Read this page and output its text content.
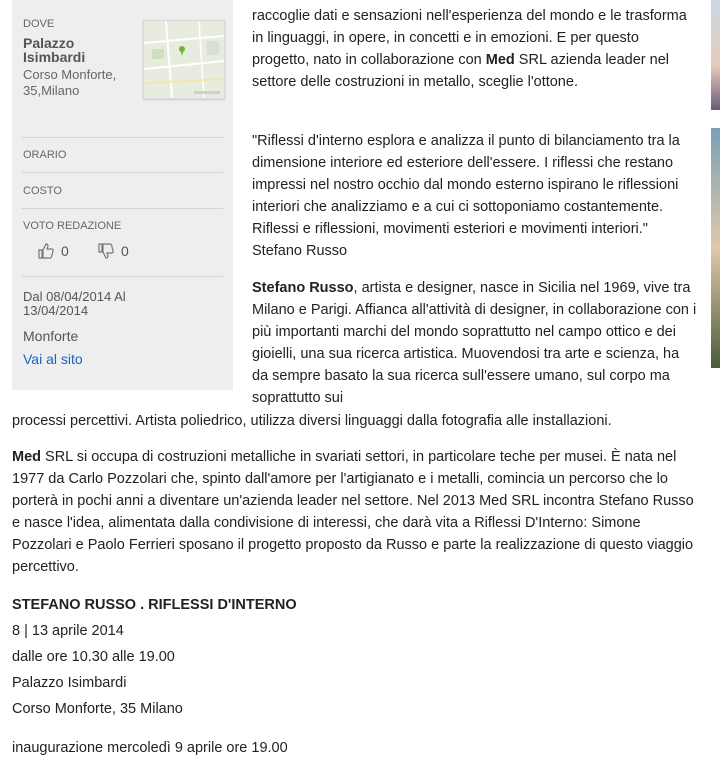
DOVE
Palazzo Isimbardi
Corso Monforte, 35,Milano
ORARIO
COSTO
VOTO REDAZIONE
0	0
Dal 08/04/2014 Al 13/04/2014
Monforte
Vai al sito

raccoglie dati e sensazioni nell'esperienza del mondo e le trasforma in linguaggi, in opere, in concetti e in emozioni. E per questo progetto, nato in collaborazione con Med SRL azienda leader nel settore delle costruzioni in metallo, sceglie l'ottone.

"Riflessi d'interno esplora e analizza il punto di bilanciamento tra la dimensione interiore ed esteriore dell'essere. I riflessi che restano impressi nel nostro occhio dal mondo esterno ispirano le riflessioni interiori che analizziamo e a cui ci sottoponiamo costantemente. Riflessi e riflessioni, movimenti esteriori e movimenti interiori." Stefano Russo

Stefano Russo, artista e designer, nasce in Sicilia nel 1969, vive tra Milano e Parigi. Affianca all'attività di designer, in collaborazione con i più importanti marchi del mondo soprattutto nel campo ottico e dei gioielli, una sua ricerca artistica. Muovendosi tra arte e scienza, ha da sempre basato la sua ricerca sull'essere umano, sul corpo ma soprattutto sui

processi percettivi. Artista poliedrico, utilizza diversi linguaggi dalla fotografia alle installazioni.

Med SRL si occupa di costruzioni metalliche in svariati settori, in particolare teche per musei. È nata nel 1977 da Carlo Pozzolari che, spinto dall'amore per l'artigianato e i metalli, comincia un percorso che lo porterà in pochi anni a diventare un'azienda leader nel settore. Nel 2013 Med SRL incontra Stefano Russo e nasce l'idea, alimentata dalla condivisione di interessi, che darà vita a Riflessi D'Interno: Simone Pozzolari e Paolo Ferrieri sposano il progetto proposto da Russo e parte la realizzazione di questo viaggio percettivo.

STEFANO RUSSO . RIFLESSI D'INTERNO
8 | 13 aprile 2014
dalle ore 10.30 alle 19.00
Palazzo Isimbardi
Corso Monforte, 35 Milano
inaugurazione mercoledì 9 aprile ore 19.00
